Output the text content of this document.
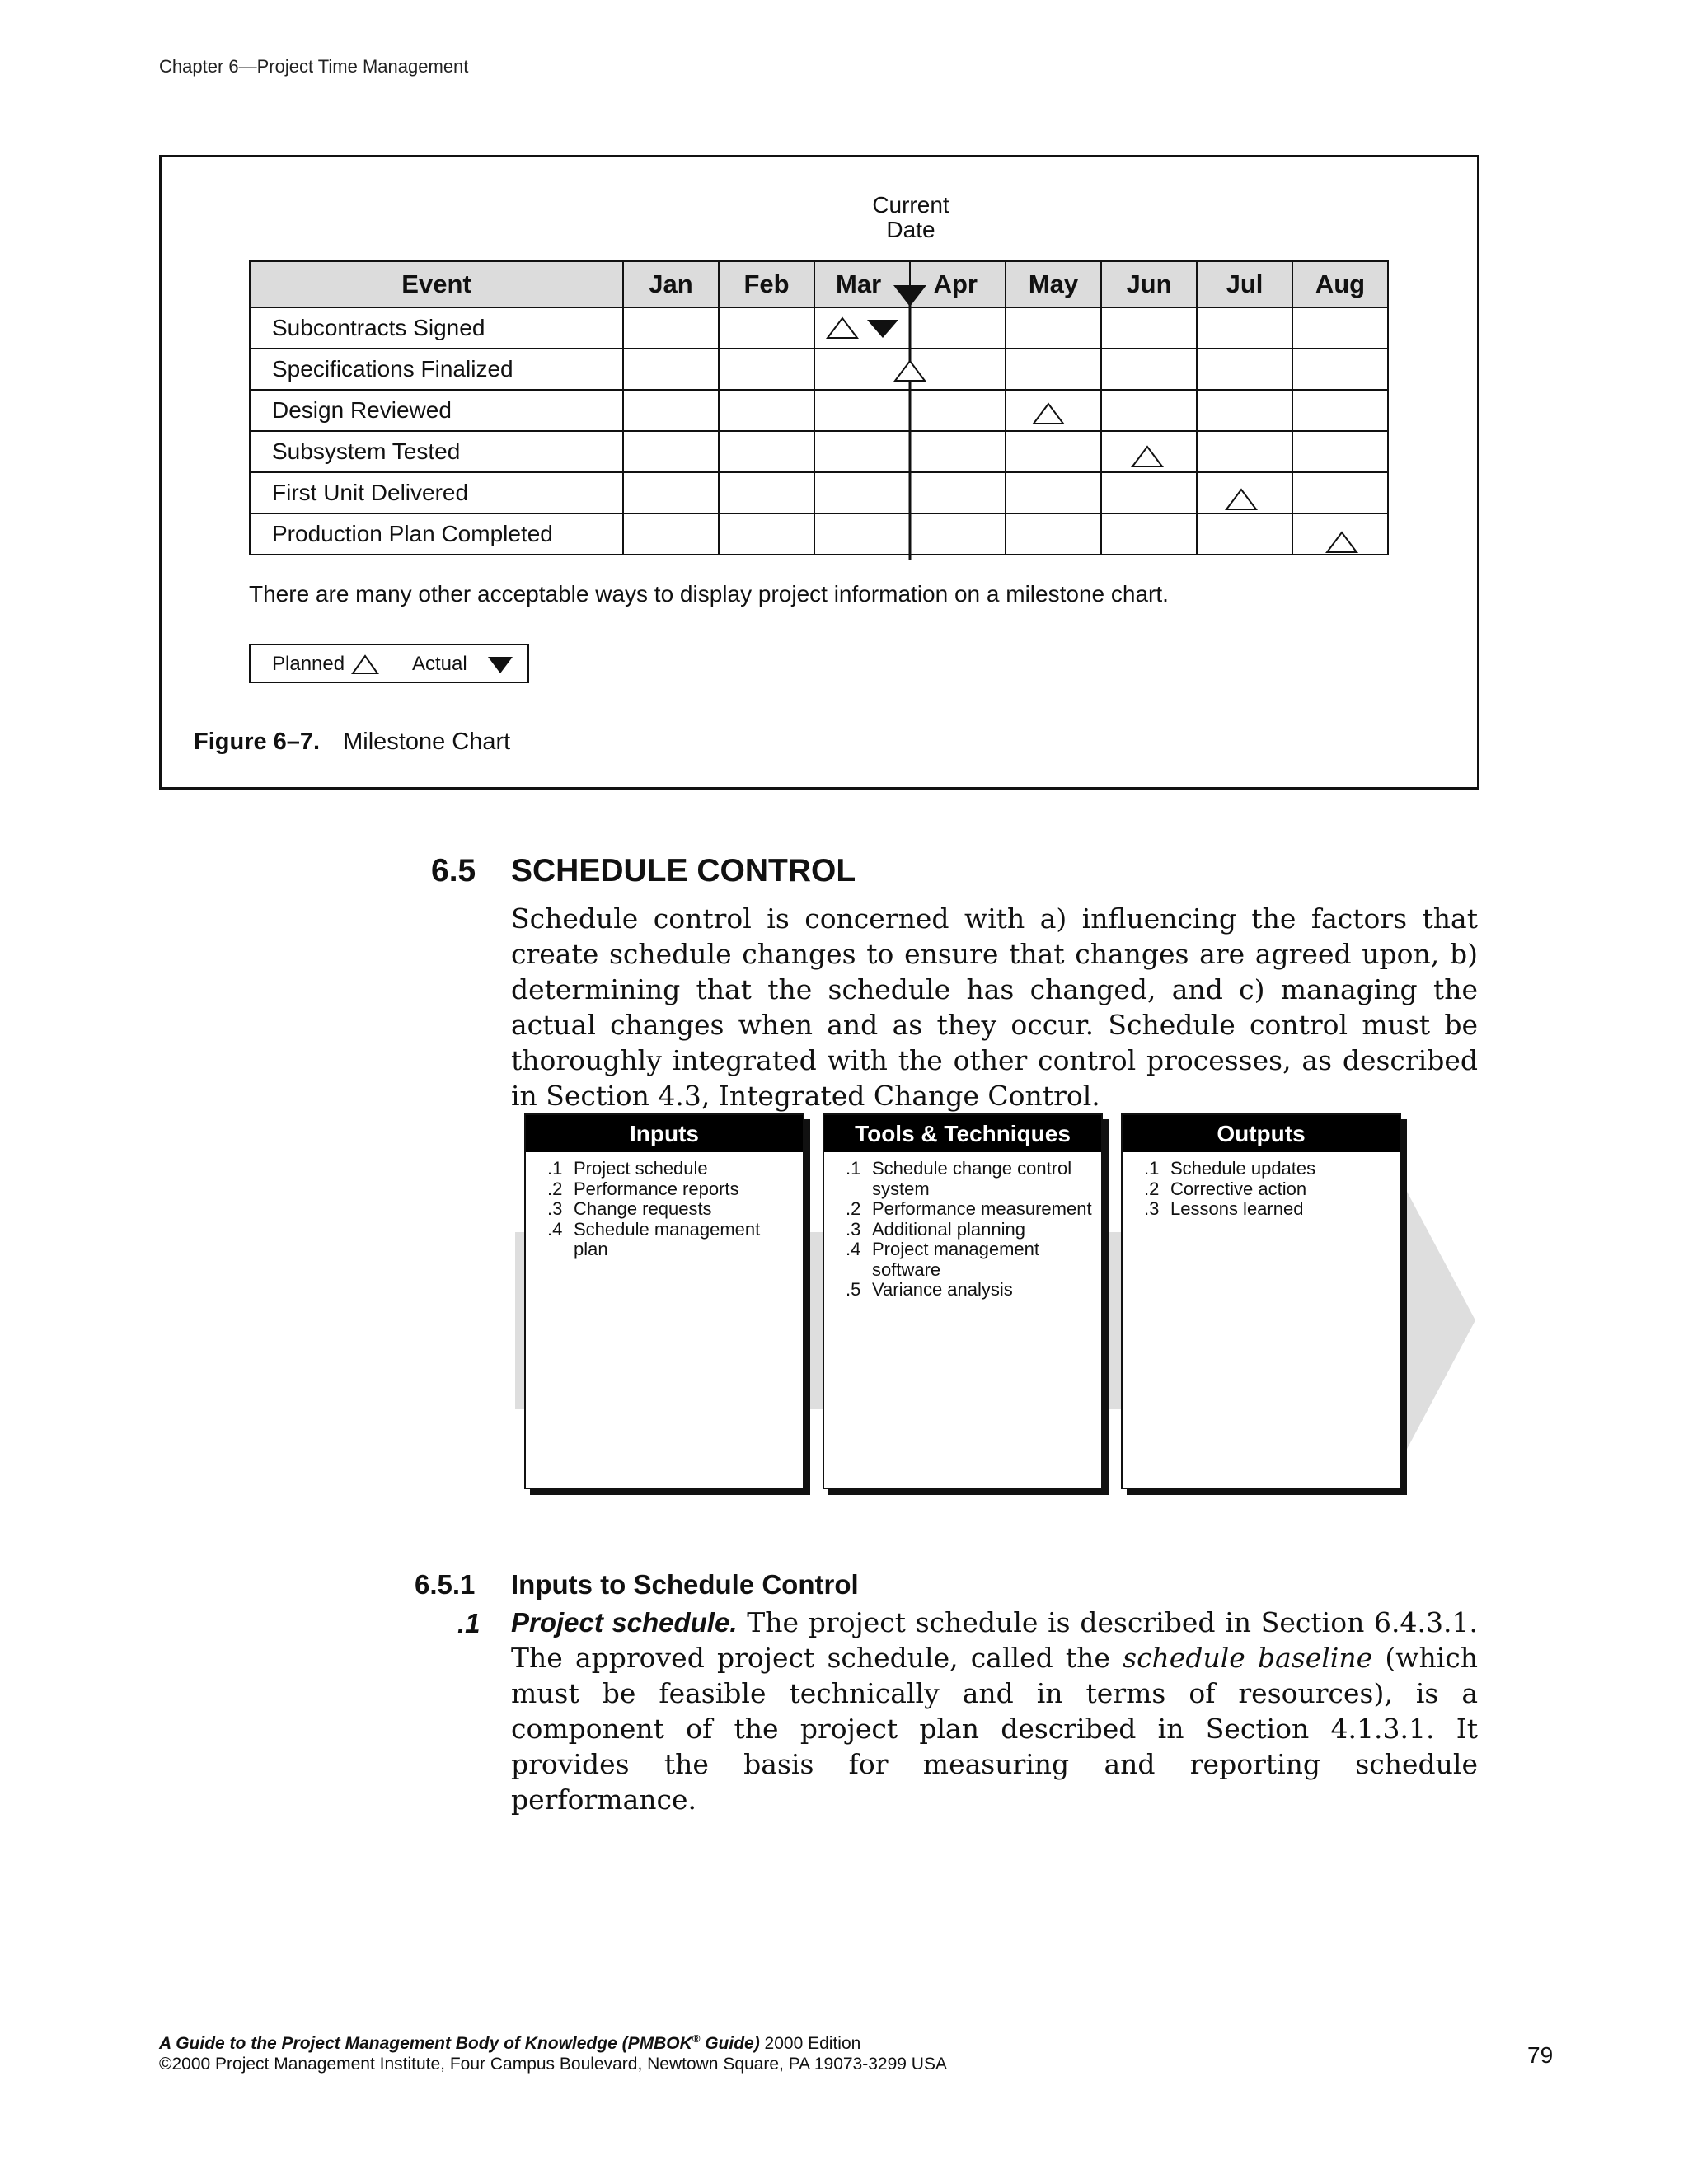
Chapter 6—Project Time Management
Current
Date
Event	Jan	Feb	Mar	Apr	May	Jun	Jul	Aug
Subcontracts Signed								
Specifications Finalized								
Design Reviewed								
Subsystem Tested								
First Unit Delivered								
Production Plan Completed								
There are many other acceptable ways to display project information on a milestone chart.
Planned	Actual
Figure 6–7. Milestone Chart
6.5 SCHEDULE CONTROL
Schedule control is concerned with a) influencing the factors that create schedule changes to ensure that changes are agreed upon, b) determining that the schedule has changed, and c) managing the actual changes when and as they occur. Schedule control must be thoroughly integrated with the other control processes, as described in Section 4.3, Integrated Change Control.
Inputs
.1 Project schedule
.2 Performance reports
.3 Change requests
.4 Schedule management plan
Tools & Techniques
.1 Schedule change control system
.2 Performance measurement
.3 Additional planning
.4 Project management software
.5 Variance analysis
Outputs
.1 Schedule updates
.2 Corrective action
.3 Lessons learned
6.5.1 Inputs to Schedule Control
.1 Project schedule. The project schedule is described in Section 6.4.3.1. The approved project schedule, called the schedule baseline (which must be feasible technically and in terms of resources), is a component of the project plan described in Section 4.1.3.1. It provides the basis for measuring and reporting schedule performance.
A Guide to the Project Management Body of Knowledge (PMBOK® Guide) 2000 Edition
©2000 Project Management Institute, Four Campus Boulevard, Newtown Square, PA 19073-3299 USA	79
